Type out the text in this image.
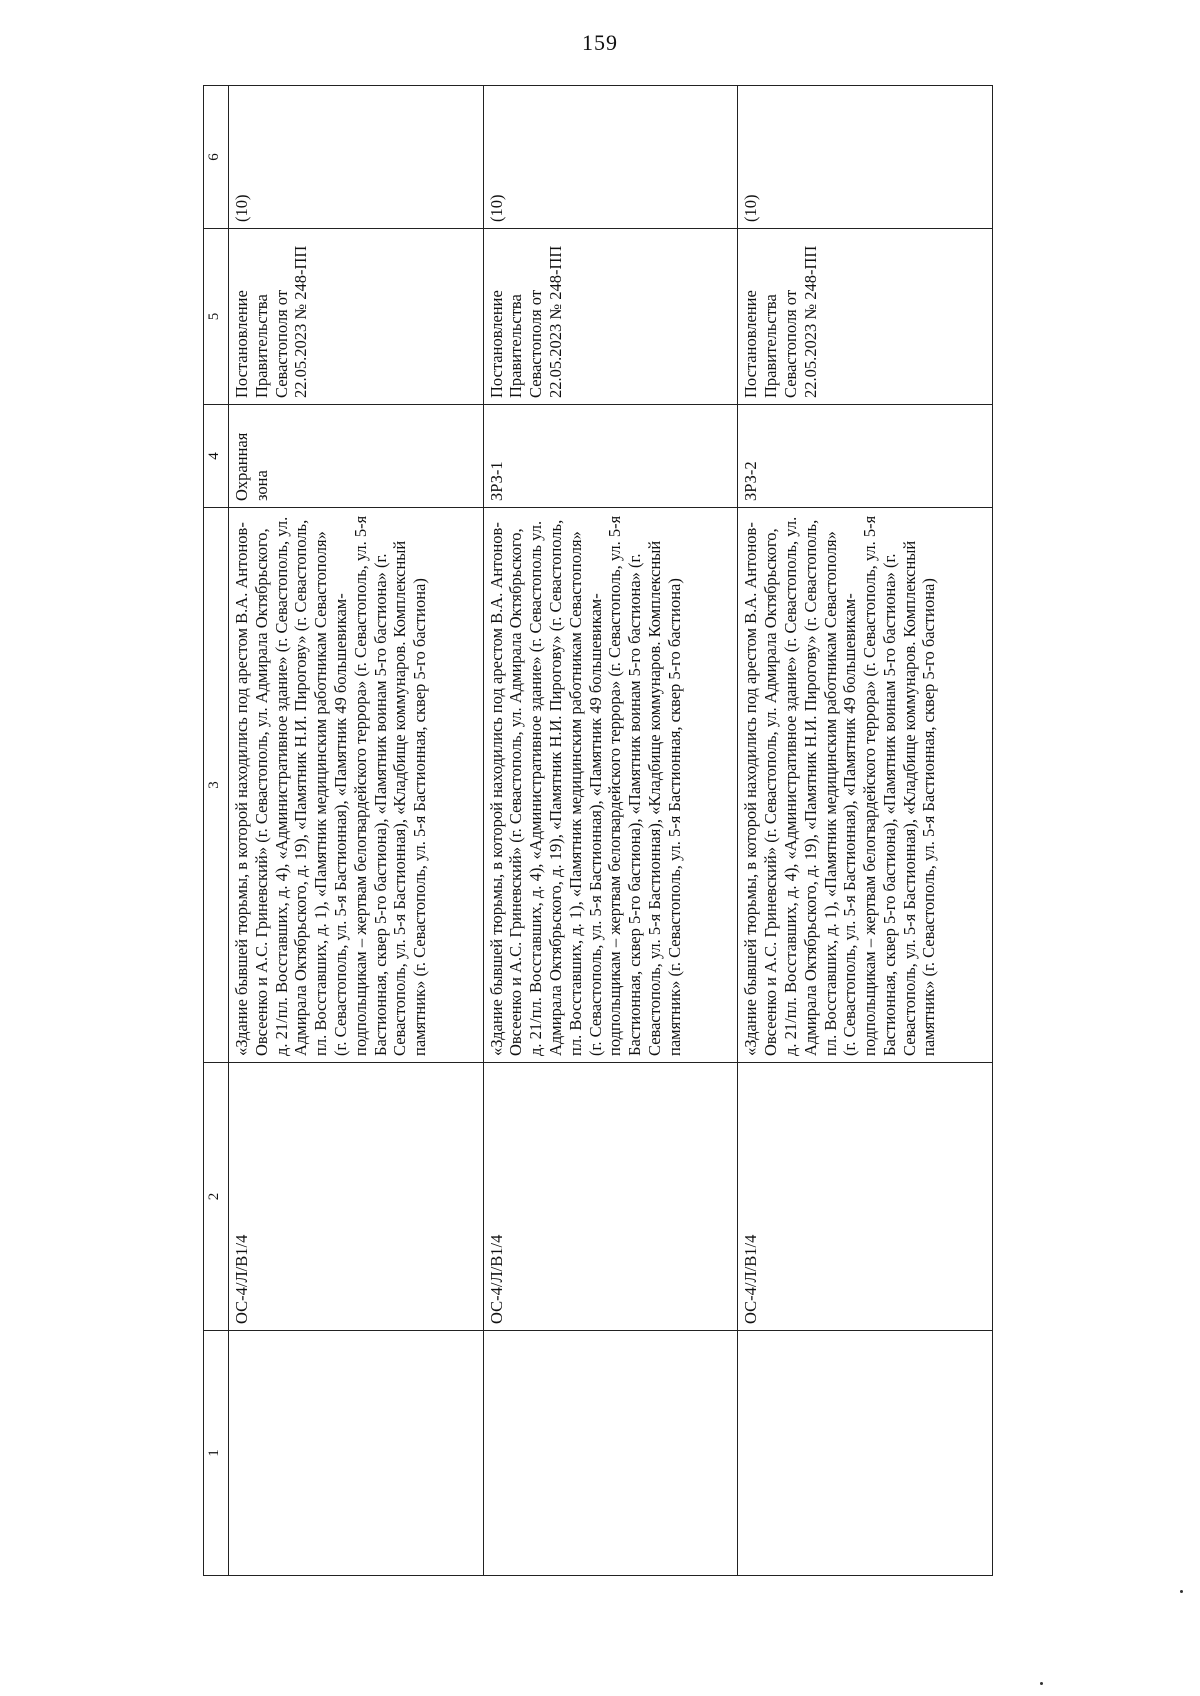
159
1	2	3	4	5	6
	ОС-4/Л/В1/4	«Здание бывшей тюрьмы, в которой находились под арестом В.А. Антонов-Овсеенко и А.С. Гриневский» (г. Севастополь, ул. Адмирала Октябрьского, д. 21/пл. Восставших, д. 4), «Административное здание» (г. Севастополь, ул. Адмирала Октябрьского, д. 19), «Памятник Н.И. Пирогову» (г. Севастополь, пл. Восставших, д. 1), «Памятник медицинским работникам Севастополя» (г. Севастополь, ул. 5-я Бастионная), «Памятник 49 большевикам-подпольщикам – жертвам белогвардейского террора» (г. Севастополь, ул. 5-я Бастионная, сквер 5-го бастиона), «Памятник воинам 5-го бастиона» (г. Севастополь, ул. 5-я Бастионная), «Кладбище коммунаров. Комплексный памятник» (г. Севастополь, ул. 5-я Бастионная, сквер 5-го бастиона)	Охранная зона	Постановление Правительства Севастополя от 22.05.2023 № 248-ПП	(10)
	ОС-4/Л/В1/4	«Здание бывшей тюрьмы, в которой находились под арестом В.А. Антонов-Овсеенко и А.С. Гриневский» (г. Севастополь, ул. Адмирала Октябрьского, д. 21/пл. Восставших, д. 4), «Административное здание» (г. Севастополь ул. Адмирала Октябрьского, д. 19), «Памятник Н.И. Пирогову» (г. Севастополь, пл. Восставших, д. 1), «Памятник медицинским работникам Севастополя» (г. Севастополь, ул. 5-я Бастионная), «Памятник 49 большевикам-подпольщикам – жертвам белогвардейского террора» (г. Севастополь, ул. 5-я Бастионная, сквер 5-го бастиона), «Памятник воинам 5-го бастиона» (г. Севастополь, ул. 5-я Бастионная), «Кладбище коммунаров. Комплексный памятник» (г. Севастополь, ул. 5-я Бастионная, сквер 5-го бастиона)	ЗРЗ-1	Постановление Правительства Севастополя от 22.05.2023 № 248-ПП	(10)
	ОС-4/Л/В1/4	«Здание бывшей тюрьмы, в которой находились под арестом В.А. Антонов-Овсеенко и А.С. Гриневский» (г. Севастополь, ул. Адмирала Октябрьского, д. 21/пл. Восставших, д. 4), «Административное здание» (г. Севастополь, ул. Адмирала Октябрьского, д. 19), «Памятник Н.И. Пирогову» (г. Севастополь, пл. Восставших, д. 1), «Памятник медицинским работникам Севастополя» (г. Севастополь, ул. 5-я Бастионная), «Памятник 49 большевикам-подпольщикам – жертвам белогвардейского террора» (г. Севастополь, ул. 5-я Бастионная, сквер 5-го бастиона), «Памятник воинам 5-го бастиона» (г. Севастополь, ул. 5-я Бастионная), «Кладбище коммунаров. Комплексный памятник» (г. Севастополь, ул. 5-я Бастионная, сквер 5-го бастиона)	ЗРЗ-2	Постановление Правительства Севастополя от 22.05.2023 № 248-ПП	(10)
